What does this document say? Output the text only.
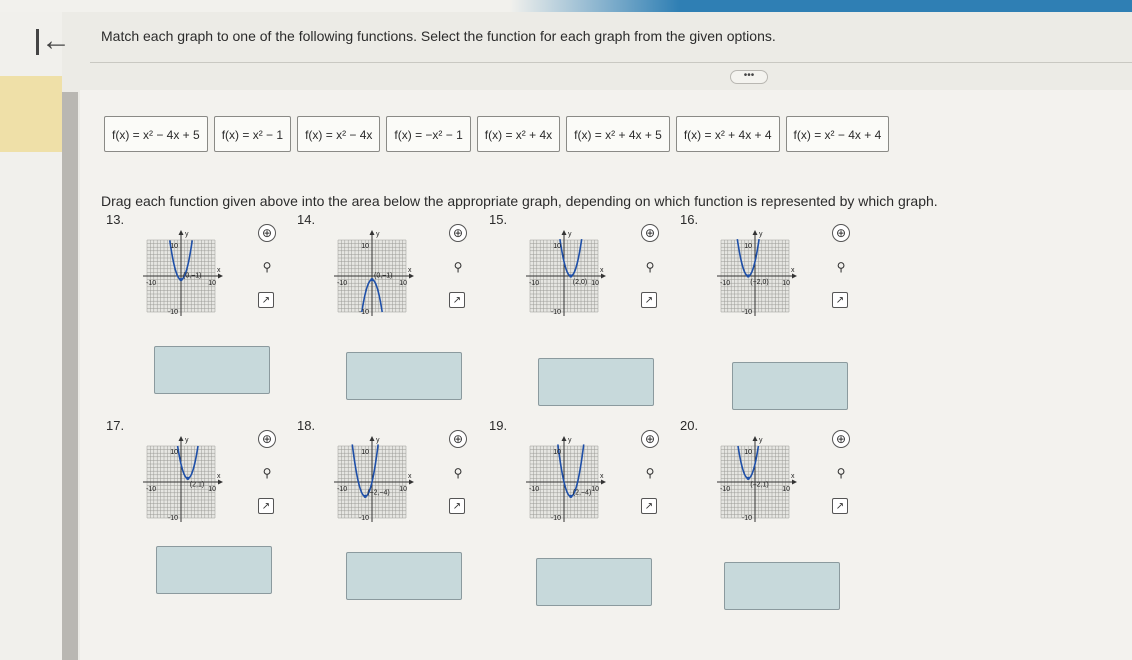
← Match each graph to one of the following functions. Select the function for each graph from the given options.
•••
f(x) = x² − 4x + 5	f(x) = x² − 1	f(x) = x² − 4x	f(x) = −x² − 1	f(x) = x² + 4x	f(x) = x² + 4x + 5	f(x) = x² + 4x + 4	f(x) = x² − 4x + 4
Drag each function given above into the area below the appropriate graph, depending on which function is represented by which graph.
13.
y
x
10
-10	10
-10
(0,−1)
⊕
⚲
↗
14.
y
x
10
-10	10
-10
(0,−1)
⊕
⚲
↗
15.
y
x
10
-10	10
-10
(2,0)
⊕
⚲
↗
16.
y
x
10
-10	10
-10
(−2,0)
⊕
⚲
↗
17.
y
x
10
-10	10
-10
(2,1)
⊕
⚲
↗
18.
y
x
10
-10	10
-10
(−2,−4)
⊕
⚲
↗
19.
y
x
10
-10	10
-10
(2,−4)
⊕
⚲
↗
20.
y
x
10
-10	10
-10
(−2,1)
⊕
⚲
↗
